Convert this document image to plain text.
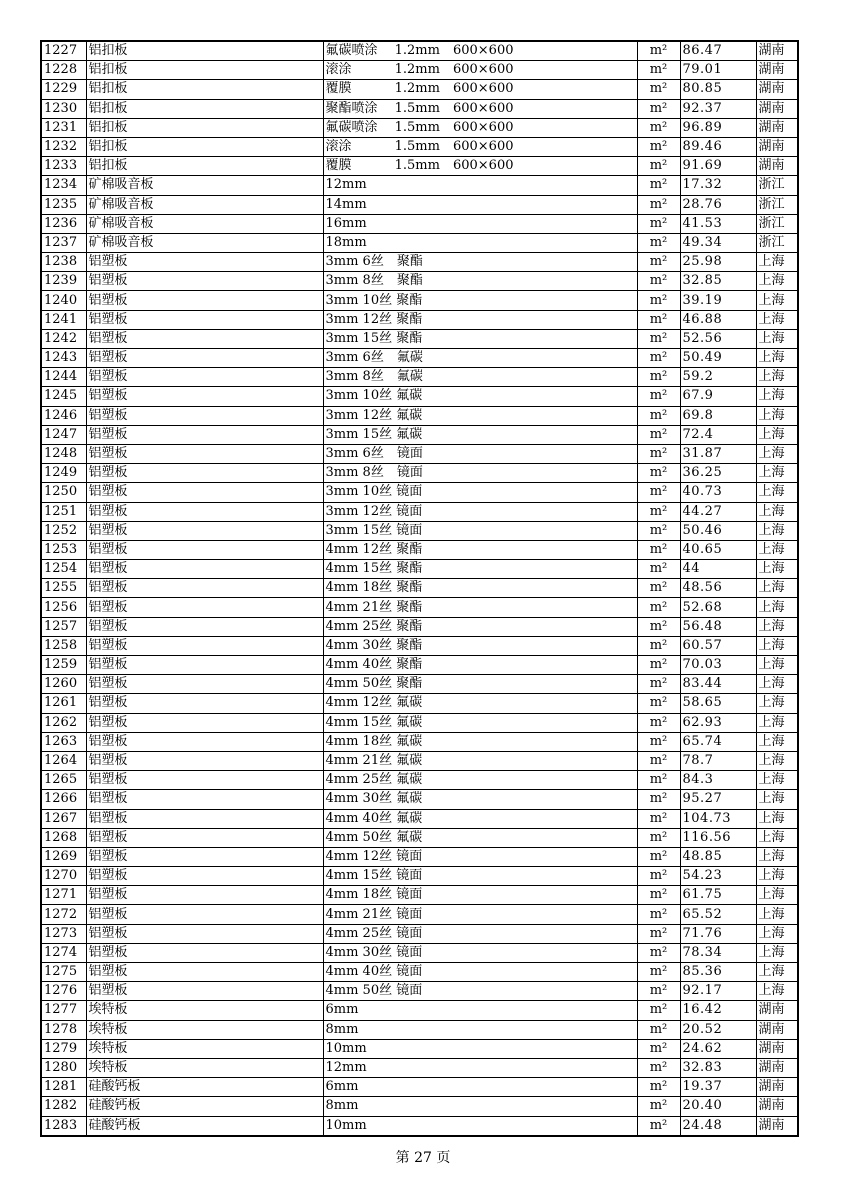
1227	铝扣板	氟碳喷涂　 1.2mm　600×600	m²	86.47	湖南
1228	铝扣板	滚涂　　　 1.2mm　600×600	m²	79.01	湖南
1229	铝扣板	覆膜　　　 1.2mm　600×600	m²	80.85	湖南
1230	铝扣板	聚酯喷涂　 1.5mm　600×600	m²	92.37	湖南
1231	铝扣板	氟碳喷涂　 1.5mm　600×600	m²	96.89	湖南
1232	铝扣板	滚涂　　　 1.5mm　600×600	m²	89.46	湖南
1233	铝扣板	覆膜　　　 1.5mm　600×600	m²	91.69	湖南
1234	矿棉吸音板	12mm	m²	17.32	浙江
1235	矿棉吸音板	14mm	m²	28.76	浙江
1236	矿棉吸音板	16mm	m²	41.53	浙江
1237	矿棉吸音板	18mm	m²	49.34	浙江
1238	铝塑板	3mm 6丝　聚酯	m²	25.98	上海
1239	铝塑板	3mm 8丝　聚酯	m²	32.85	上海
1240	铝塑板	3mm 10丝 聚酯	m²	39.19	上海
1241	铝塑板	3mm 12丝 聚酯	m²	46.88	上海
1242	铝塑板	3mm 15丝 聚酯	m²	52.56	上海
1243	铝塑板	3mm 6丝　氟碳	m²	50.49	上海
1244	铝塑板	3mm 8丝　氟碳	m²	59.2	上海
1245	铝塑板	3mm 10丝 氟碳	m²	67.9	上海
1246	铝塑板	3mm 12丝 氟碳	m²	69.8	上海
1247	铝塑板	3mm 15丝 氟碳	m²	72.4	上海
1248	铝塑板	3mm 6丝　镜面	m²	31.87	上海
1249	铝塑板	3mm 8丝　镜面	m²	36.25	上海
1250	铝塑板	3mm 10丝 镜面	m²	40.73	上海
1251	铝塑板	3mm 12丝 镜面	m²	44.27	上海
1252	铝塑板	3mm 15丝 镜面	m²	50.46	上海
1253	铝塑板	4mm 12丝 聚酯	m²	40.65	上海
1254	铝塑板	4mm 15丝 聚酯	m²	44	上海
1255	铝塑板	4mm 18丝 聚酯	m²	48.56	上海
1256	铝塑板	4mm 21丝 聚酯	m²	52.68	上海
1257	铝塑板	4mm 25丝 聚酯	m²	56.48	上海
1258	铝塑板	4mm 30丝 聚酯	m²	60.57	上海
1259	铝塑板	4mm 40丝 聚酯	m²	70.03	上海
1260	铝塑板	4mm 50丝 聚酯	m²	83.44	上海
1261	铝塑板	4mm 12丝 氟碳	m²	58.65	上海
1262	铝塑板	4mm 15丝 氟碳	m²	62.93	上海
1263	铝塑板	4mm 18丝 氟碳	m²	65.74	上海
1264	铝塑板	4mm 21丝 氟碳	m²	78.7	上海
1265	铝塑板	4mm 25丝 氟碳	m²	84.3	上海
1266	铝塑板	4mm 30丝 氟碳	m²	95.27	上海
1267	铝塑板	4mm 40丝 氟碳	m²	104.73	上海
1268	铝塑板	4mm 50丝 氟碳	m²	116.56	上海
1269	铝塑板	4mm 12丝 镜面	m²	48.85	上海
1270	铝塑板	4mm 15丝 镜面	m²	54.23	上海
1271	铝塑板	4mm 18丝 镜面	m²	61.75	上海
1272	铝塑板	4mm 21丝 镜面	m²	65.52	上海
1273	铝塑板	4mm 25丝 镜面	m²	71.76	上海
1274	铝塑板	4mm 30丝 镜面	m²	78.34	上海
1275	铝塑板	4mm 40丝 镜面	m²	85.36	上海
1276	铝塑板	4mm 50丝 镜面	m²	92.17	上海
1277	埃特板	6mm	m²	16.42	湖南
1278	埃特板	8mm	m²	20.52	湖南
1279	埃特板	10mm	m²	24.62	湖南
1280	埃特板	12mm	m²	32.83	湖南
1281	硅酸钙板	6mm	m²	19.37	湖南
1282	硅酸钙板	8mm	m²	20.40	湖南
1283	硅酸钙板	10mm	m²	24.48	湖南
第 27 页
